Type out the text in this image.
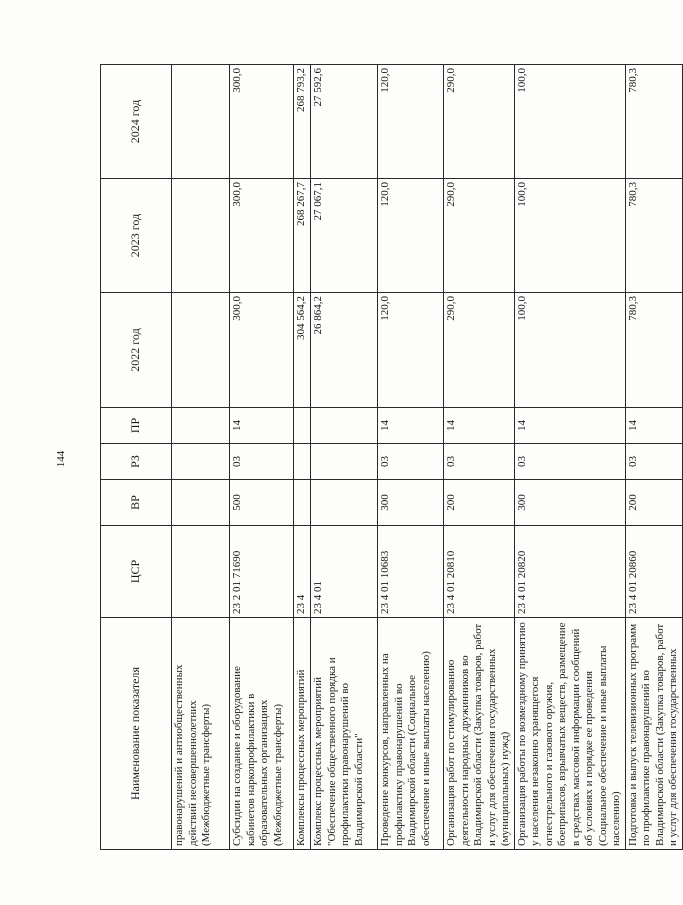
144
Наименование показателя	ЦСР	ВР	РЗ	ПР	2022 год	2023 год	2024 год
правонарушений и антиобщественных действий несовершеннолетних (Межбюджетные трансферты)							
Субсидии на создание и оборудование кабинетов наркопрофилактики в образовательных организациях (Межбюджетные трансферты)	23 2 01 71690	500	03	14	300,0	300,0	300,0
Комплексы процессных мероприятий	23 4				304 564,2	268 267,7	268 793,2
Комплекс процессных мероприятий "Обеспечение общественного порядка и профилактики правонарушений во Владимирской области"	23 4 01				26 864,2	27 067,1	27 592,6
Проведение конкурсов, направленных на профилактику правонарушений во Владимирской области (Социальное обеспечение и иные выплаты населению)	23 4 01 10683	300	03	14	120,0	120,0	120,0
Организация работ по стимулированию деятельности народных дружинников во Владимирской области (Закупка товаров, работ и услуг для обеспечения государственных (муниципальных) нужд)	23 4 01 20810	200	03	14	290,0	290,0	290,0
Организация работы по возмездному принятию у населения незаконно хранящегося огнестрельного и газового оружия, боеприпасов, взрывчатых веществ, размещение в средствах массовой информации сообщений об условиях и порядке ее проведения (Социальное обеспечение и иные выплаты населению)	23 4 01 20820	300	03	14	100,0	100,0	100,0
Подготовка и выпуск телевизионных программ по профилактике правонарушений во Владимирской области (Закупка товаров, работ и услуг для обеспечения государственных	23 4 01 20860	200	03	14	780,3	780,3	780,3
